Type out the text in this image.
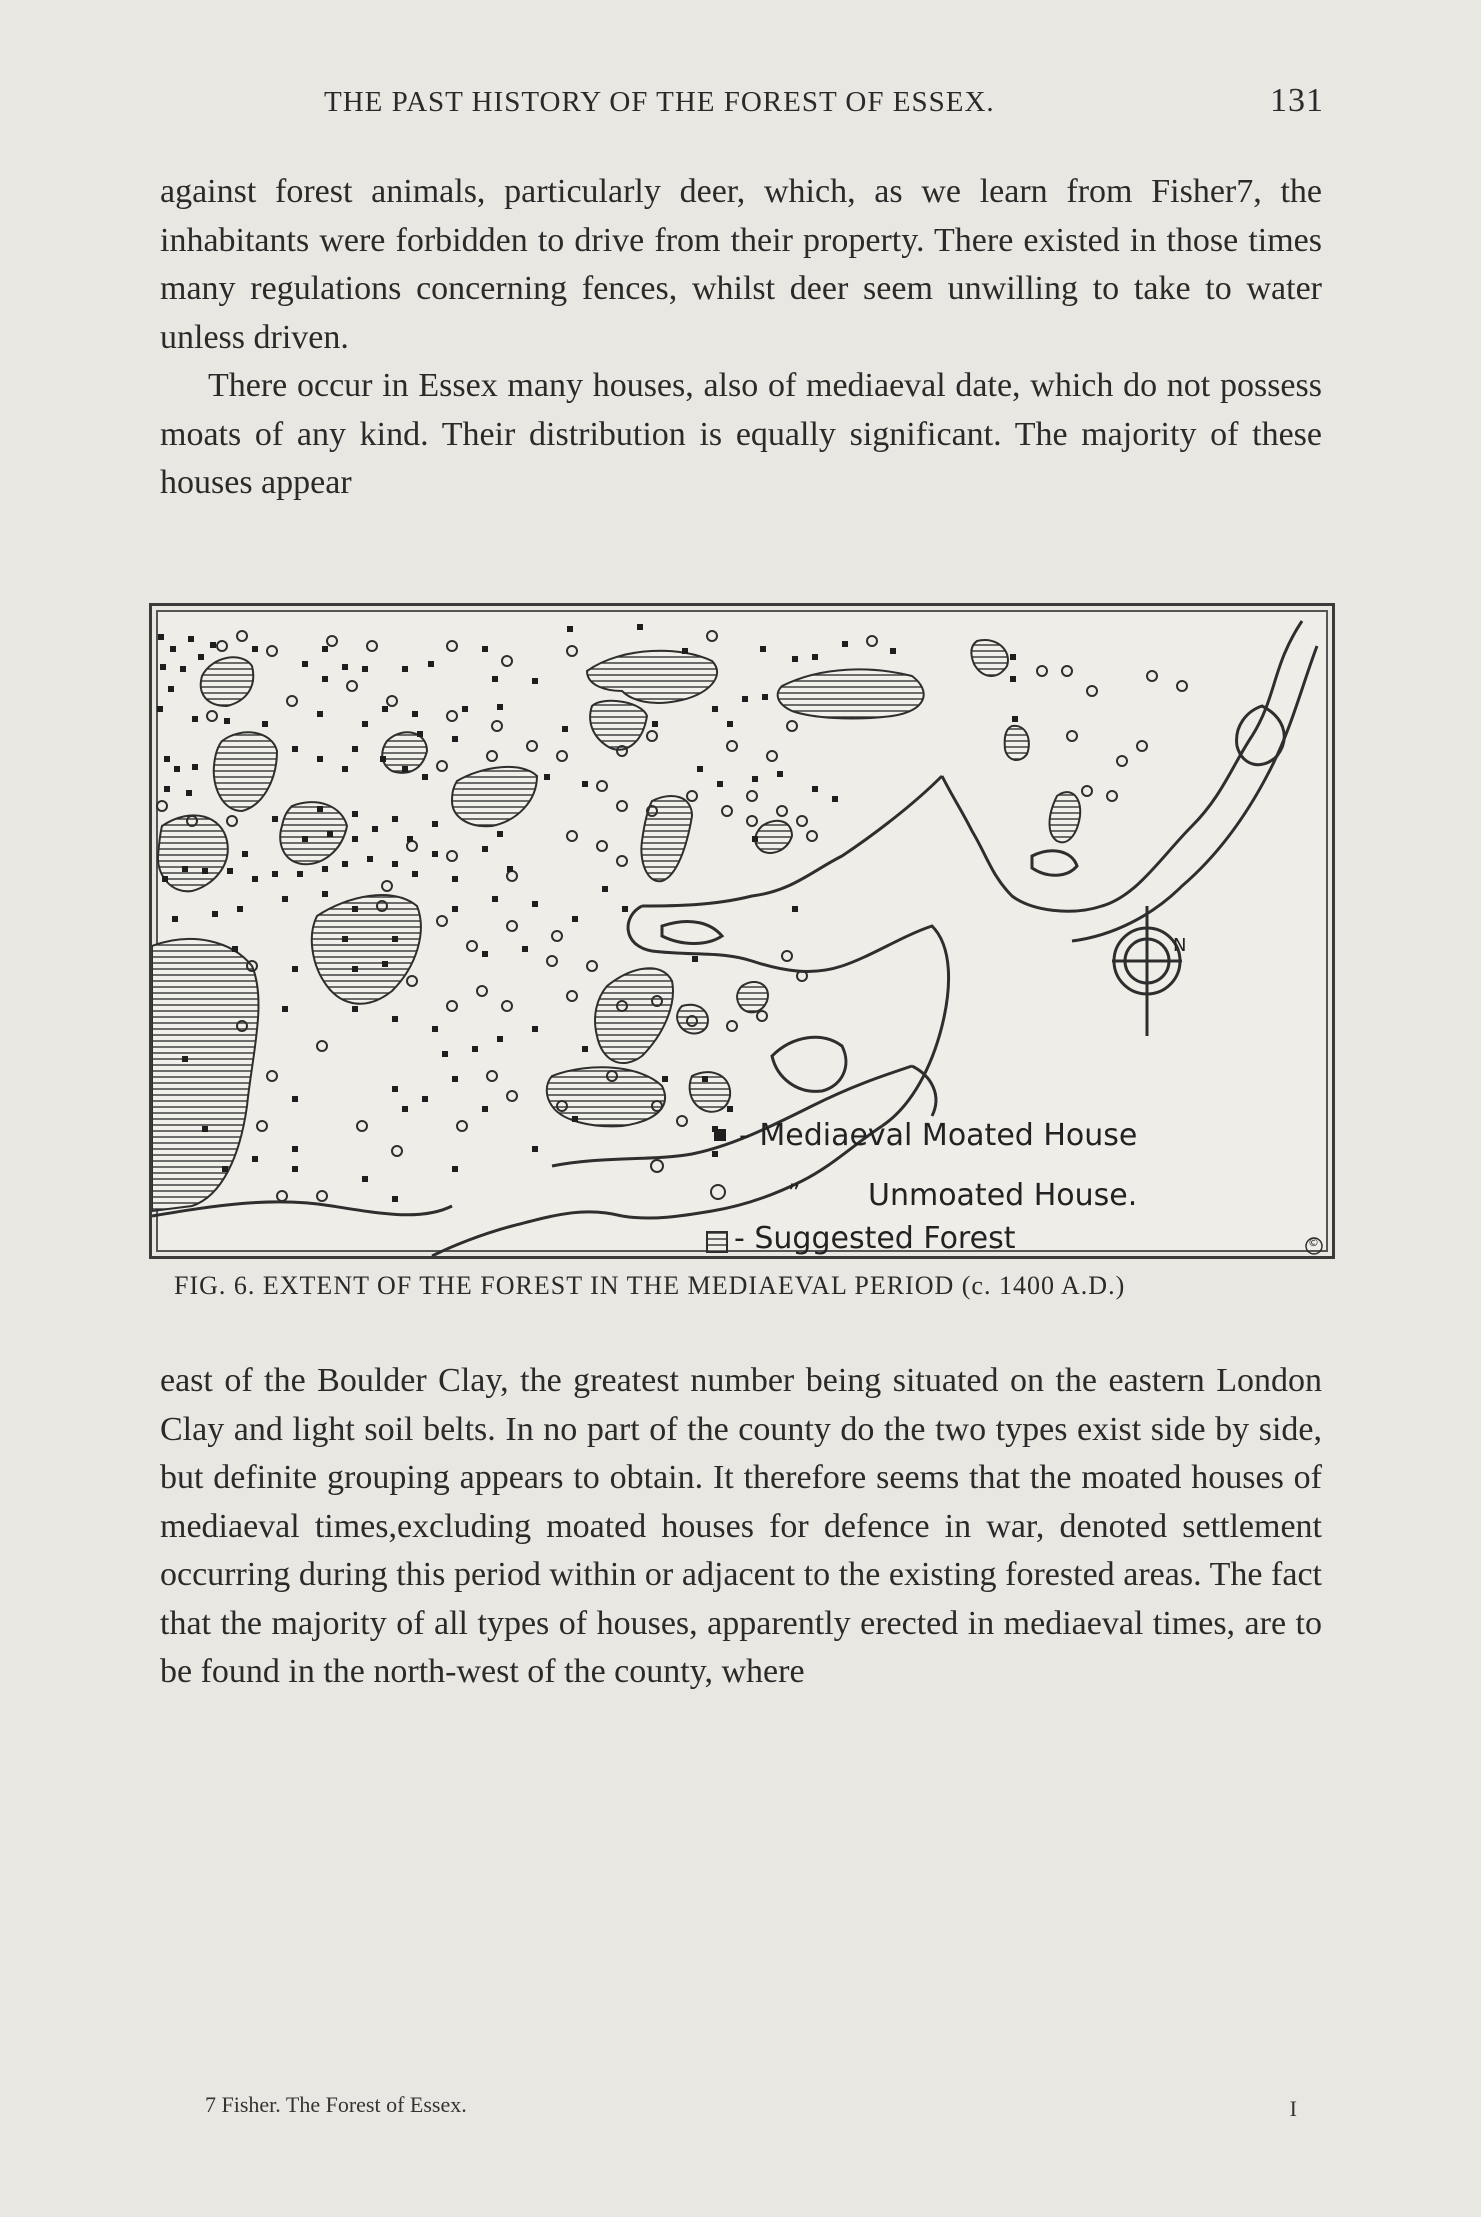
THE PAST HISTORY OF THE FOREST OF ESSEX.	131

against forest animals, particularly deer, which, as we learn from Fisher7, the inhabitants were forbidden to drive from their property. There existed in those times many regulations concerning fences, whilst deer seem unwilling to take to water unless driven.

There occur in Essex many houses, also of mediaeval date, which do not possess moats of any kind. Their distribution is equally significant. The majority of these houses appear

N
- Mediaeval Moated House
” Unmoated House.
- Suggested Forest	©
FIG. 6. EXTENT OF THE FOREST IN THE MEDIAEVAL PERIOD (c. 1400 A.D.)

east of the Boulder Clay, the greatest number being situated on the eastern London Clay and light soil belts. In no part of the county do the two types exist side by side, but definite grouping appears to obtain. It therefore seems that the moated houses of mediaeval times,excluding moated houses for defence in war, denoted settlement occurring during this period within or adjacent to the existing forested areas. The fact that the majority of all types of houses, apparently erected in mediaeval times, are to be found in the north-west of the county, where

7 Fisher. The Forest of Essex.	I
